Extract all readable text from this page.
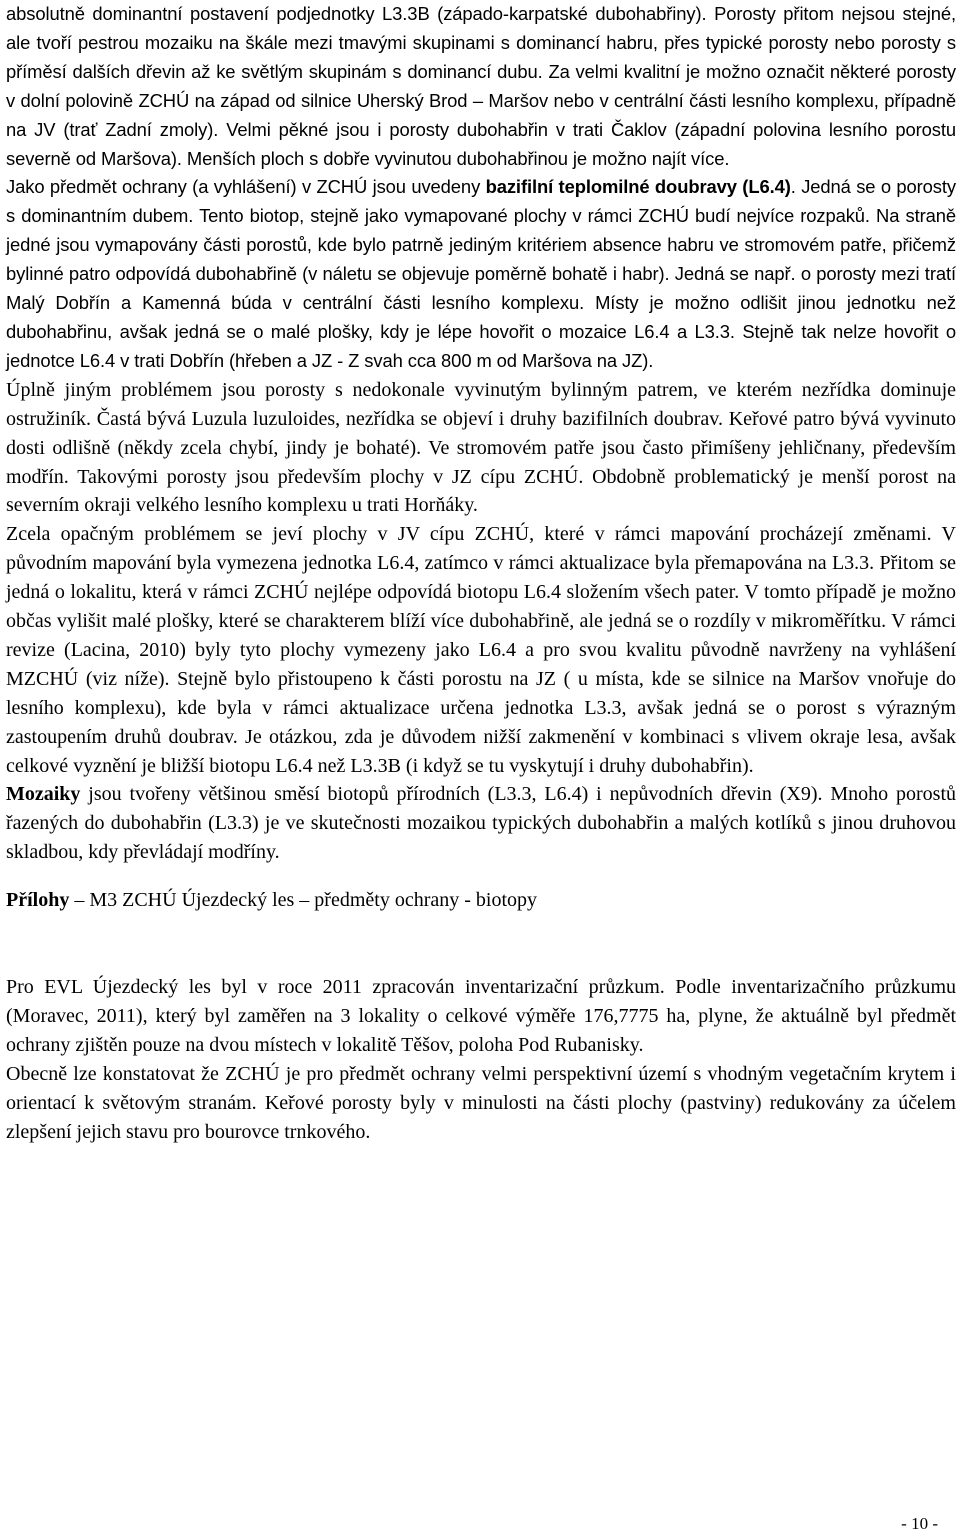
absolutně dominantní postavení podjednotky L3.3B (západo-karpatské dubohabřiny). Porosty přitom nejsou stejné, ale tvoří pestrou mozaiku na škále mezi tmavými skupinami s dominancí habru, přes typické porosty nebo porosty s příměsí dalších dřevin až ke světlým skupinám s dominancí dubu. Za velmi kvalitní je možno označit některé porosty v dolní polovině ZCHÚ na západ od silnice Uherský Brod – Maršov nebo v centrální části lesního komplexu, případně na JV (trať Zadní zmoly). Velmi pěkné jsou i porosty dubohabřin v trati Čaklov (západní polovina lesního porostu severně od Maršova). Menších ploch s dobře vyvinutou dubohabřinou je možno najít více.

Jako předmět ochrany (a vyhlášení) v ZCHÚ jsou uvedeny bazifilní teplomilné doubravy (L6.4). Jedná se o porosty s dominantním dubem. Tento biotop, stejně jako vymapované plochy v rámci ZCHÚ budí nejvíce rozpaků. Na straně jedné jsou vymapovány části porostů, kde bylo patrně jediným kritériem absence habru ve stromovém patře, přičemž bylinné patro odpovídá dubohabřině (v náletu se objevuje poměrně bohatě i habr). Jedná se např. o porosty mezi tratí Malý Dobřín a Kamenná búda v centrální části lesního komplexu. Místy je možno odlišit jinou jednotku než dubohabřinu, avšak jedná se o malé plošky, kdy je lépe hovořit o mozaice L6.4 a L3.3. Stejně tak nelze hovořit o jednotce L6.4 v trati Dobřín (hřeben a JZ - Z svah cca 800 m od Maršova na JZ).

Úplně jiným problémem jsou porosty s nedokonale vyvinutým bylinným patrem, ve kterém nezřídka dominuje ostružiník. Častá bývá Luzula luzuloides, nezřídka se objeví i druhy bazifilních doubrav. Keřové patro bývá vyvinuto dosti odlišně (někdy zcela chybí, jindy je bohaté). Ve stromovém patře jsou často přimíšeny jehličnany, především modřín. Takovými porosty jsou především plochy v JZ cípu ZCHÚ. Obdobně problematický je menší porost na severním okraji velkého lesního komplexu u trati Horňáky.

Zcela opačným problémem se jeví plochy v JV cípu ZCHÚ, které v rámci mapování procházejí změnami. V původním mapování byla vymezena jednotka L6.4, zatímco v rámci aktualizace byla přemapována na L3.3. Přitom se jedná o lokalitu, která v rámci ZCHÚ nejlépe odpovídá biotopu L6.4 složením všech pater. V tomto případě je možno občas vylišit malé plošky, které se charakterem blíží více dubohabřině, ale jedná se o rozdíly v mikroměřítku. V rámci revize (Lacina, 2010) byly tyto plochy vymezeny jako L6.4 a pro svou kvalitu původně navrženy na vyhlášení MZCHÚ (viz níže). Stejně bylo přistoupeno k části porostu na JZ ( u místa, kde se silnice na Maršov vnořuje do lesního komplexu), kde byla v rámci aktualizace určena jednotka L3.3, avšak jedná se o porost s výrazným zastoupením druhů doubrav. Je otázkou, zda je důvodem nižší zakmenění v kombinaci s vlivem okraje lesa, avšak celkové vyznění je bližší biotopu L6.4 než L3.3B (i když se tu vyskytují i druhy dubohabřin).

Mozaiky jsou tvořeny většinou směsí biotopů přírodních (L3.3, L6.4) i nepůvodních dřevin (X9). Mnoho porostů řazených do dubohabřin (L3.3) je ve skutečnosti mozaikou typických dubohabřin a malých kotlíků s jinou druhovou skladbou, kdy převládají modříny.

Přílohy – M3 ZCHÚ Újezdecký les – předměty ochrany - biotopy

Pro EVL Újezdecký les byl v roce 2011 zpracován inventarizační průzkum. Podle inventarizačního průzkumu (Moravec, 2011), který byl zaměřen na 3 lokality o celkové výměře 176,7775 ha, plyne, že aktuálně byl předmět ochrany zjištěn pouze na dvou místech v lokalitě Těšov, poloha Pod Rubanisky.

Obecně lze konstatovat že ZCHÚ je pro předmět ochrany velmi perspektivní území s vhodným vegetačním krytem i orientací k světovým stranám. Keřové porosty byly v minulosti na části plochy (pastviny) redukovány za účelem zlepšení jejich stavu pro bourovce trnkového.

- 10 -
